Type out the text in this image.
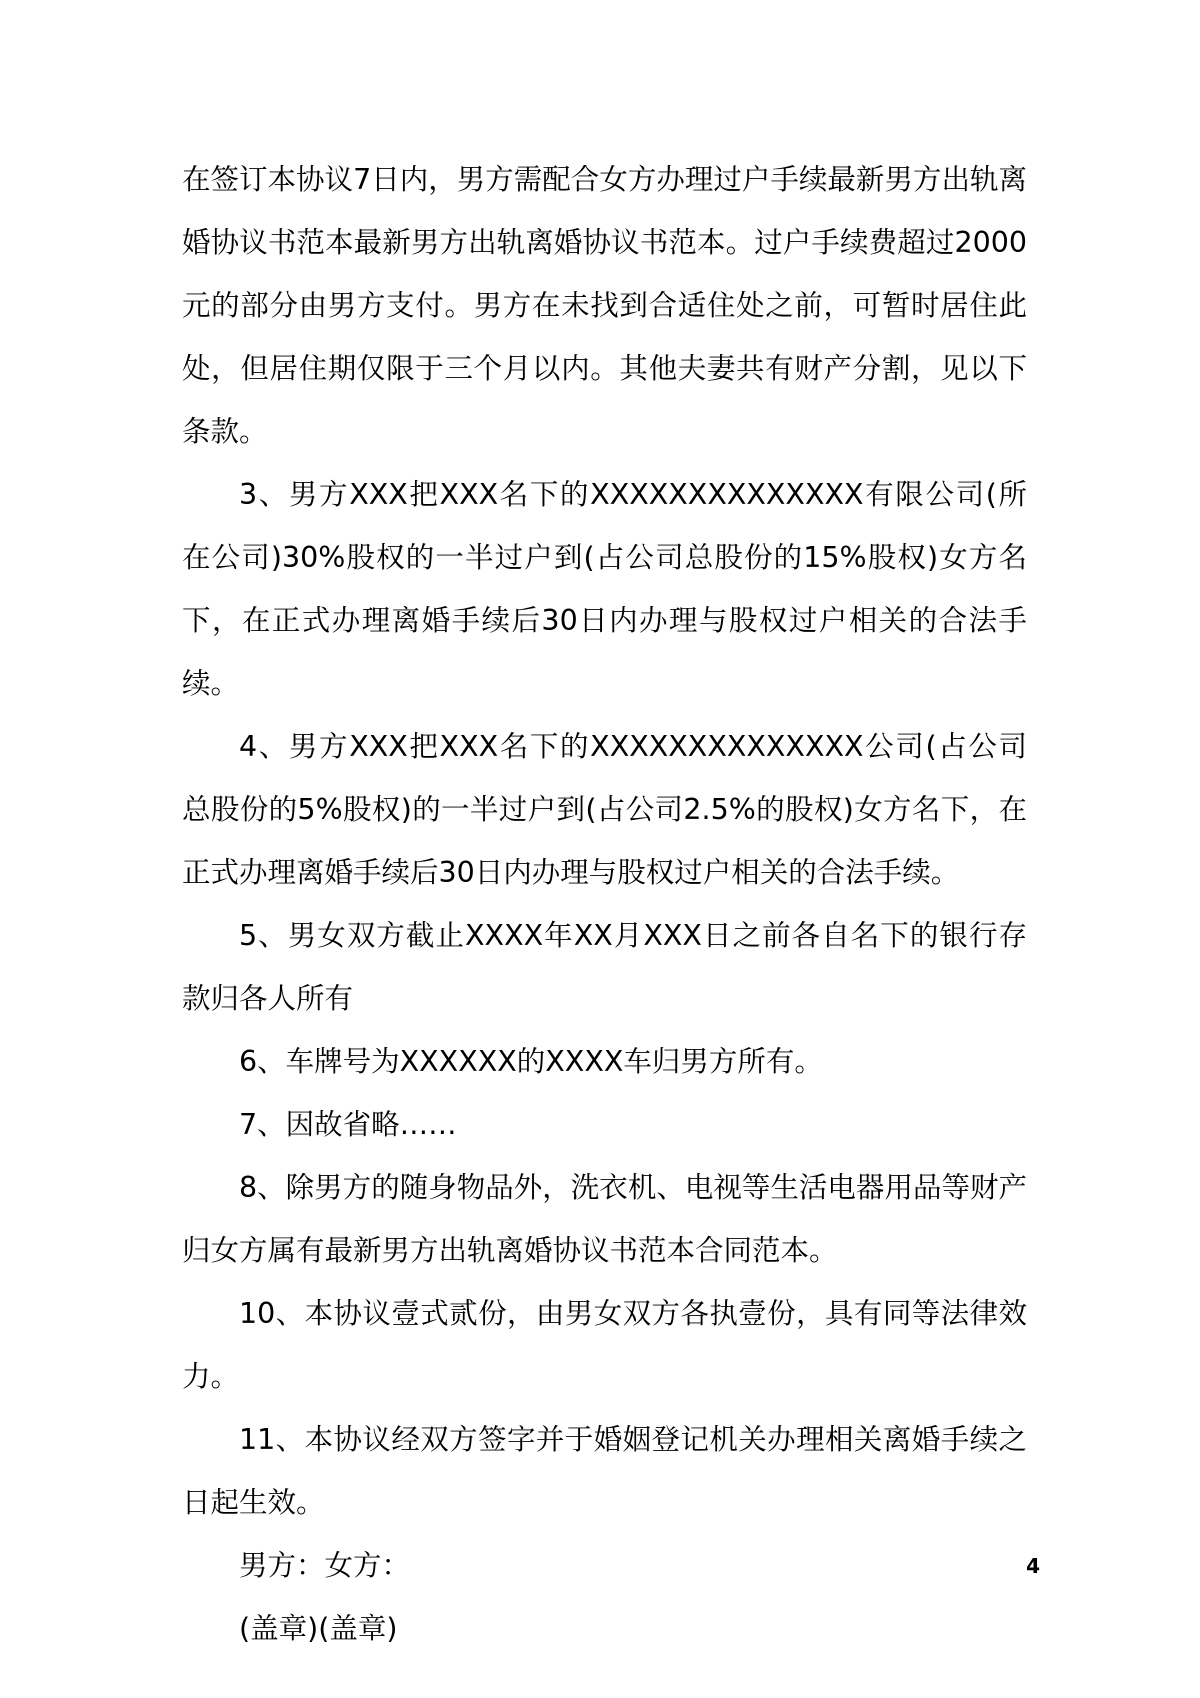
在签订本协议7日内，男方需配合女方办理过户手续最新男方出轨离婚协议书范本最新男方出轨离婚协议书范本。过户手续费超过2000元的部分由男方支付。男方在未找到合适住处之前，可暂时居住此处，但居住期仅限于三个月以内。其他夫妻共有财产分割，见以下条款。

3、男方XXX把XXX名下的XXXXXXXXXXXXXX有限公司(所在公司)30%股权的一半过户到(占公司总股份的15%股权)女方名下，在正式办理离婚手续后30日内办理与股权过户相关的合法手续。

4、男方XXX把XXX名下的XXXXXXXXXXXXXX公司(占公司总股份的5%股权)的一半过户到(占公司2.5%的股权)女方名下，在正式办理离婚手续后30日内办理与股权过户相关的合法手续。

5、男女双方截止XXXX年XX月XXX日之前各自名下的银行存款归各人所有

6、车牌号为XXXXXX的XXXX车归男方所有。

7、因故省略……

8、除男方的随身物品外，洗衣机、电视等生活电器用品等财产归女方属有最新男方出轨离婚协议书范本合同范本。

10、本协议壹式贰份，由男女双方各执壹份，具有同等法律效力。

11、本协议经双方签字并于婚姻登记机关办理相关离婚手续之日起生效。

男方：女方：

(盖章)(盖章)

4
